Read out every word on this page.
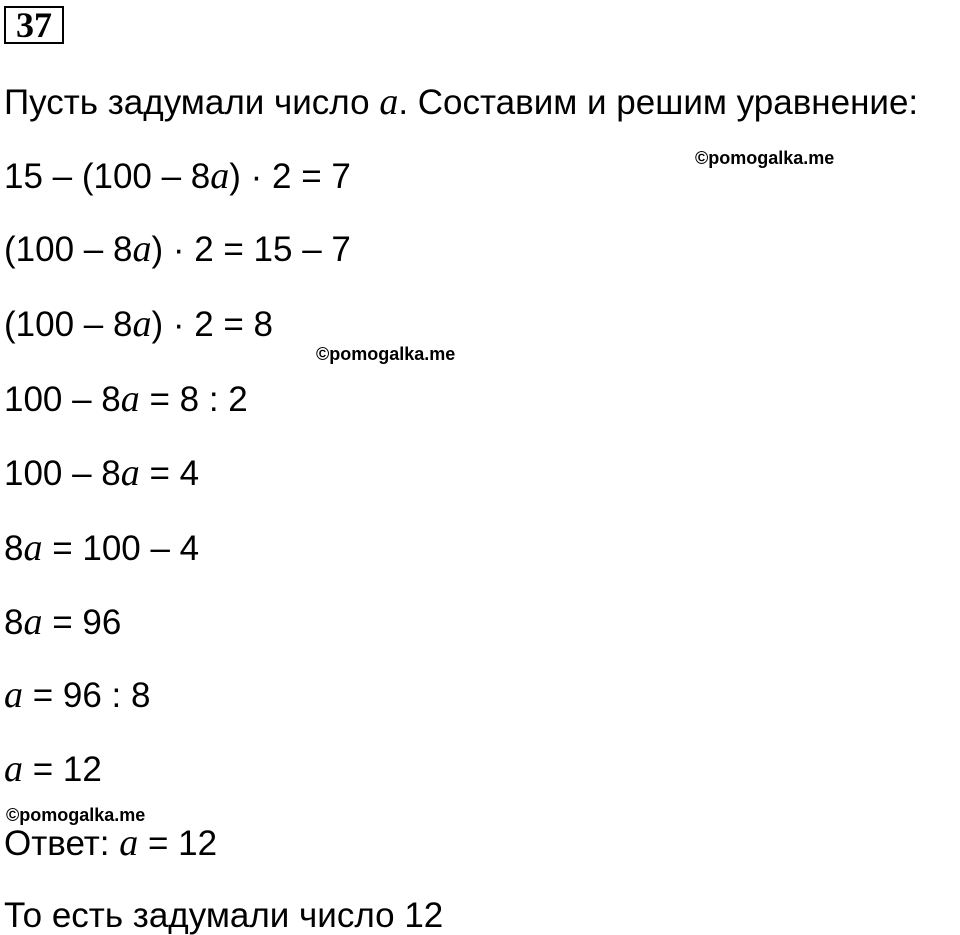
37
Пусть задумали число a. Составим и решим уравнение:
15 – (100 – 8a) · 2 = 7
(100 – 8a) · 2 = 15 – 7
(100 – 8a) · 2 = 8
100 – 8a = 8 : 2
100 – 8a = 4
8a = 100 – 4
8a = 96
a = 96 : 8
a = 12
Ответ: a = 12
То есть задумали число 12
©pomogalka.me
©pomogalka.me
©pomogalka.me
